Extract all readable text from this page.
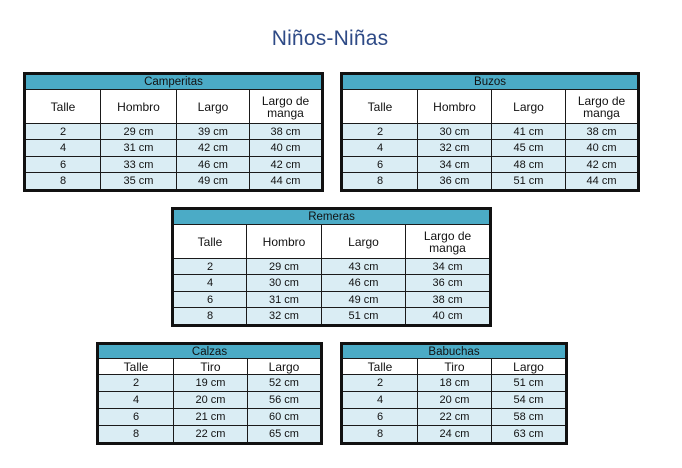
Niños-Niñas
Camperitas			
Talle	Hombro	Largo	Largo de manga
2	29 cm	39 cm	38 cm
4	31 cm	42 cm	40 cm
6	33 cm	46 cm	42 cm
8	35 cm	49 cm	44 cm
Buzos			
Talle	Hombro	Largo	Largo de manga
2	30 cm	41 cm	38 cm
4	32 cm	45 cm	40 cm
6	34 cm	48 cm	42 cm
8	36 cm	51 cm	44 cm
Remeras			
Talle	Hombro	Largo	Largo de manga
2	29 cm	43 cm	34 cm
4	30 cm	46 cm	36 cm
6	31 cm	49 cm	38 cm
8	32 cm	51 cm	40 cm
Calzas		
Talle	Tiro	Largo
2	19 cm	52 cm
4	20 cm	56 cm
6	21 cm	60 cm
8	22 cm	65 cm
Babuchas		
Talle	Tiro	Largo
2	18 cm	51 cm
4	20 cm	54 cm
6	22 cm	58 cm
8	24 cm	63 cm
